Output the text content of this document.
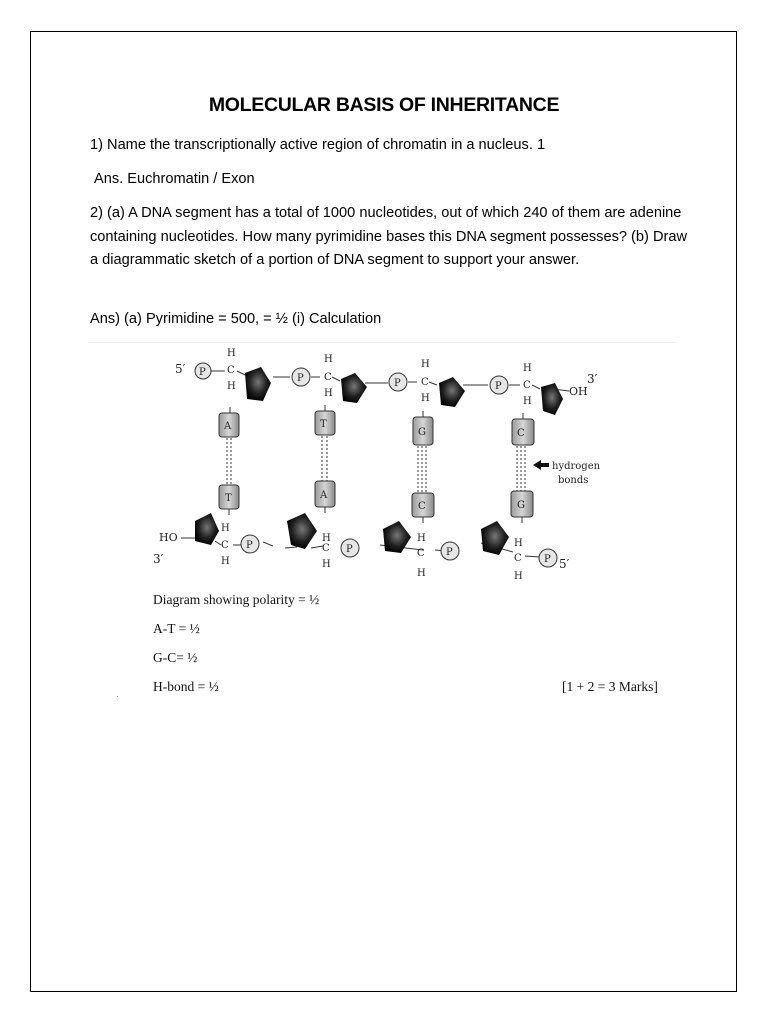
MOLECULAR BASIS OF INHERITANCE

1) Name the transcriptionally active region of chromatin in a nucleus. 1

Ans. Euchromatin / Exon

2) (a) A DNA segment has a total of 1000 nucleotides, out of which 240 of them are adenine containing nucleotides. How many pyrimidine bases this DNA segment possesses? (b) Draw a diagrammatic sketch of a portion of DNA segment to support your answer.

Ans) (a) Pyrimidine = 500, = ½ (i) Calculation

5′
3′
OH
HO
3′	5′
P
P	P	P
H
C
H
H
C
H
H
C
H
H
C
H
A	T
G	C
hydrogen
bonds
T	A
C	G
H
C
H
H
C
H
H
C
H
H
C
H
P	P	P
P
Diagram showing polarity = ½
A-T = ½
G-C= ½
H-bond = ½	[1 + 2 = 3 Marks]
